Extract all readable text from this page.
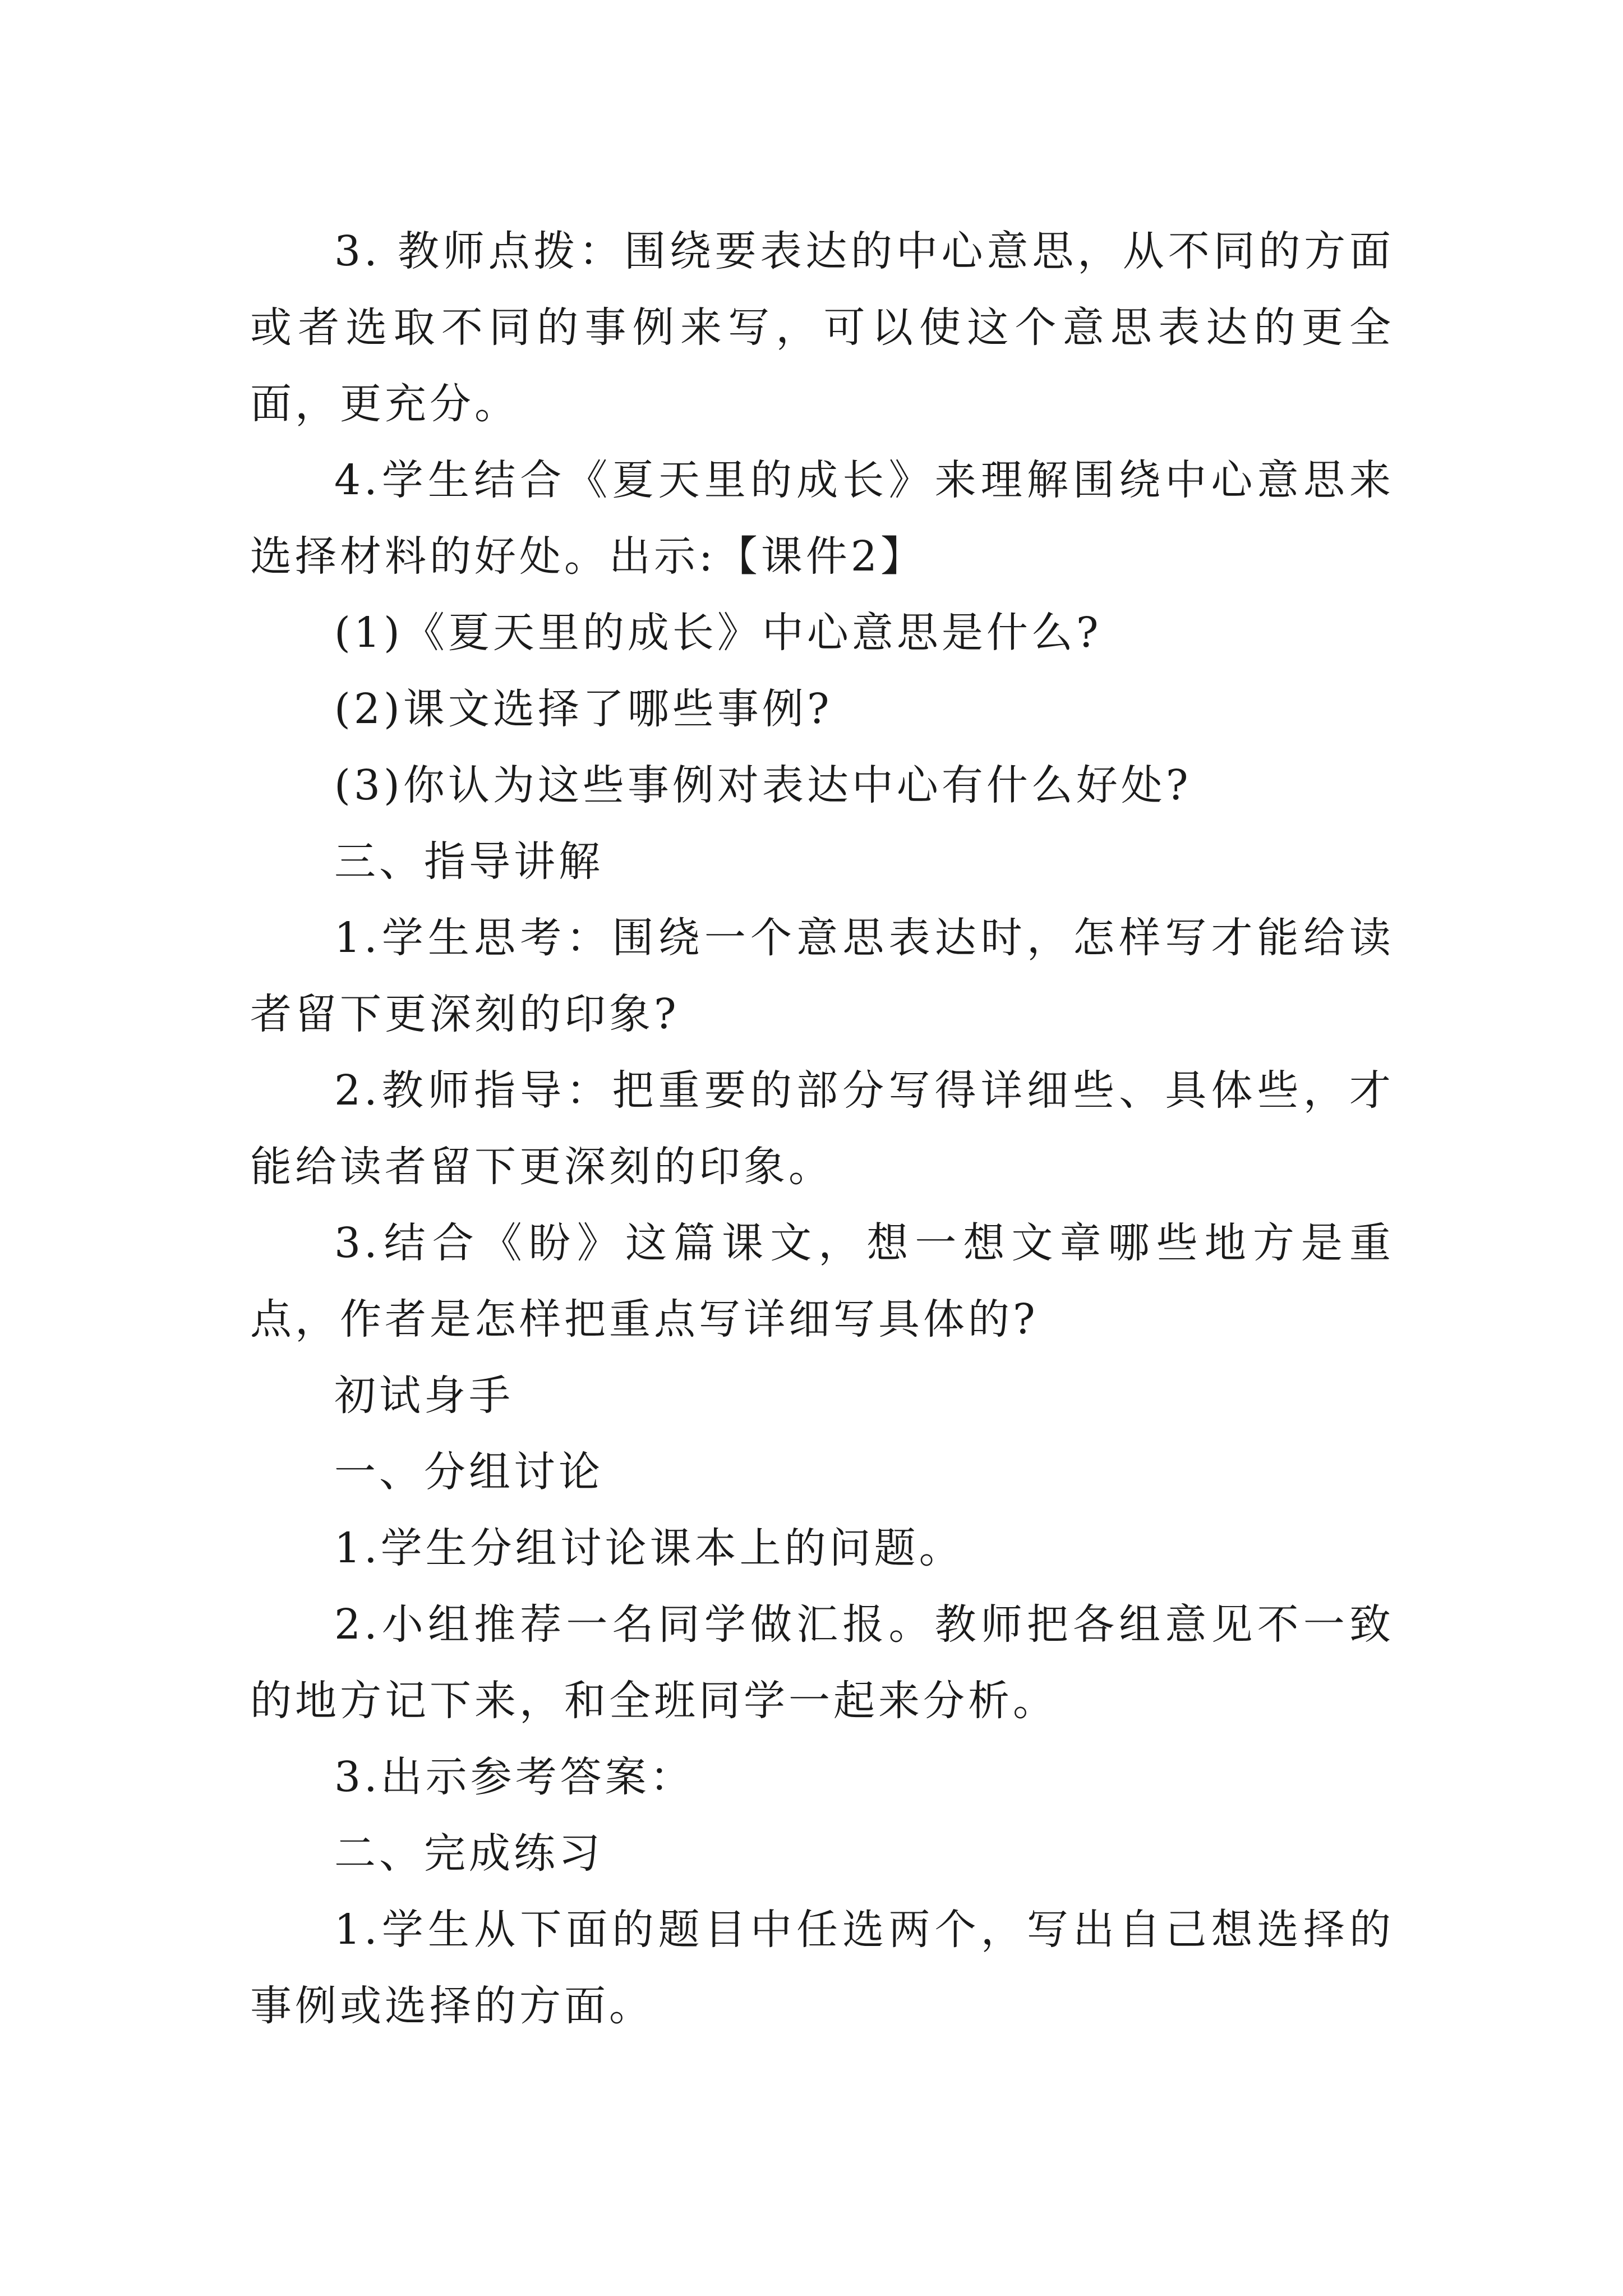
3. 教师点拨：围绕要表达的中心意思，从不同的方面或者选取不同的事例来写，可以使这个意思表达的更全面，更充分。

4.学生结合《夏天里的成长》来理解围绕中心意思来选择材料的好处。出示:【课件2】

(1)《夏天里的成长》中心意思是什么?

(2)课文选择了哪些事例?

(3)你认为这些事例对表达中心有什么好处?

三、指导讲解

1.学生思考：围绕一个意思表达时，怎样写才能给读者留下更深刻的印象?

2.教师指导：把重要的部分写得详细些、具体些，才能给读者留下更深刻的印象。

3.结合《盼》这篇课文，想一想文章哪些地方是重点，作者是怎样把重点写详细写具体的?

初试身手

一、分组讨论

1.学生分组讨论课本上的问题。

2.小组推荐一名同学做汇报。教师把各组意见不一致的地方记下来，和全班同学一起来分析。

3.出示参考答案：

二、完成练习

1.学生从下面的题目中任选两个，写出自己想选择的事例或选择的方面。
